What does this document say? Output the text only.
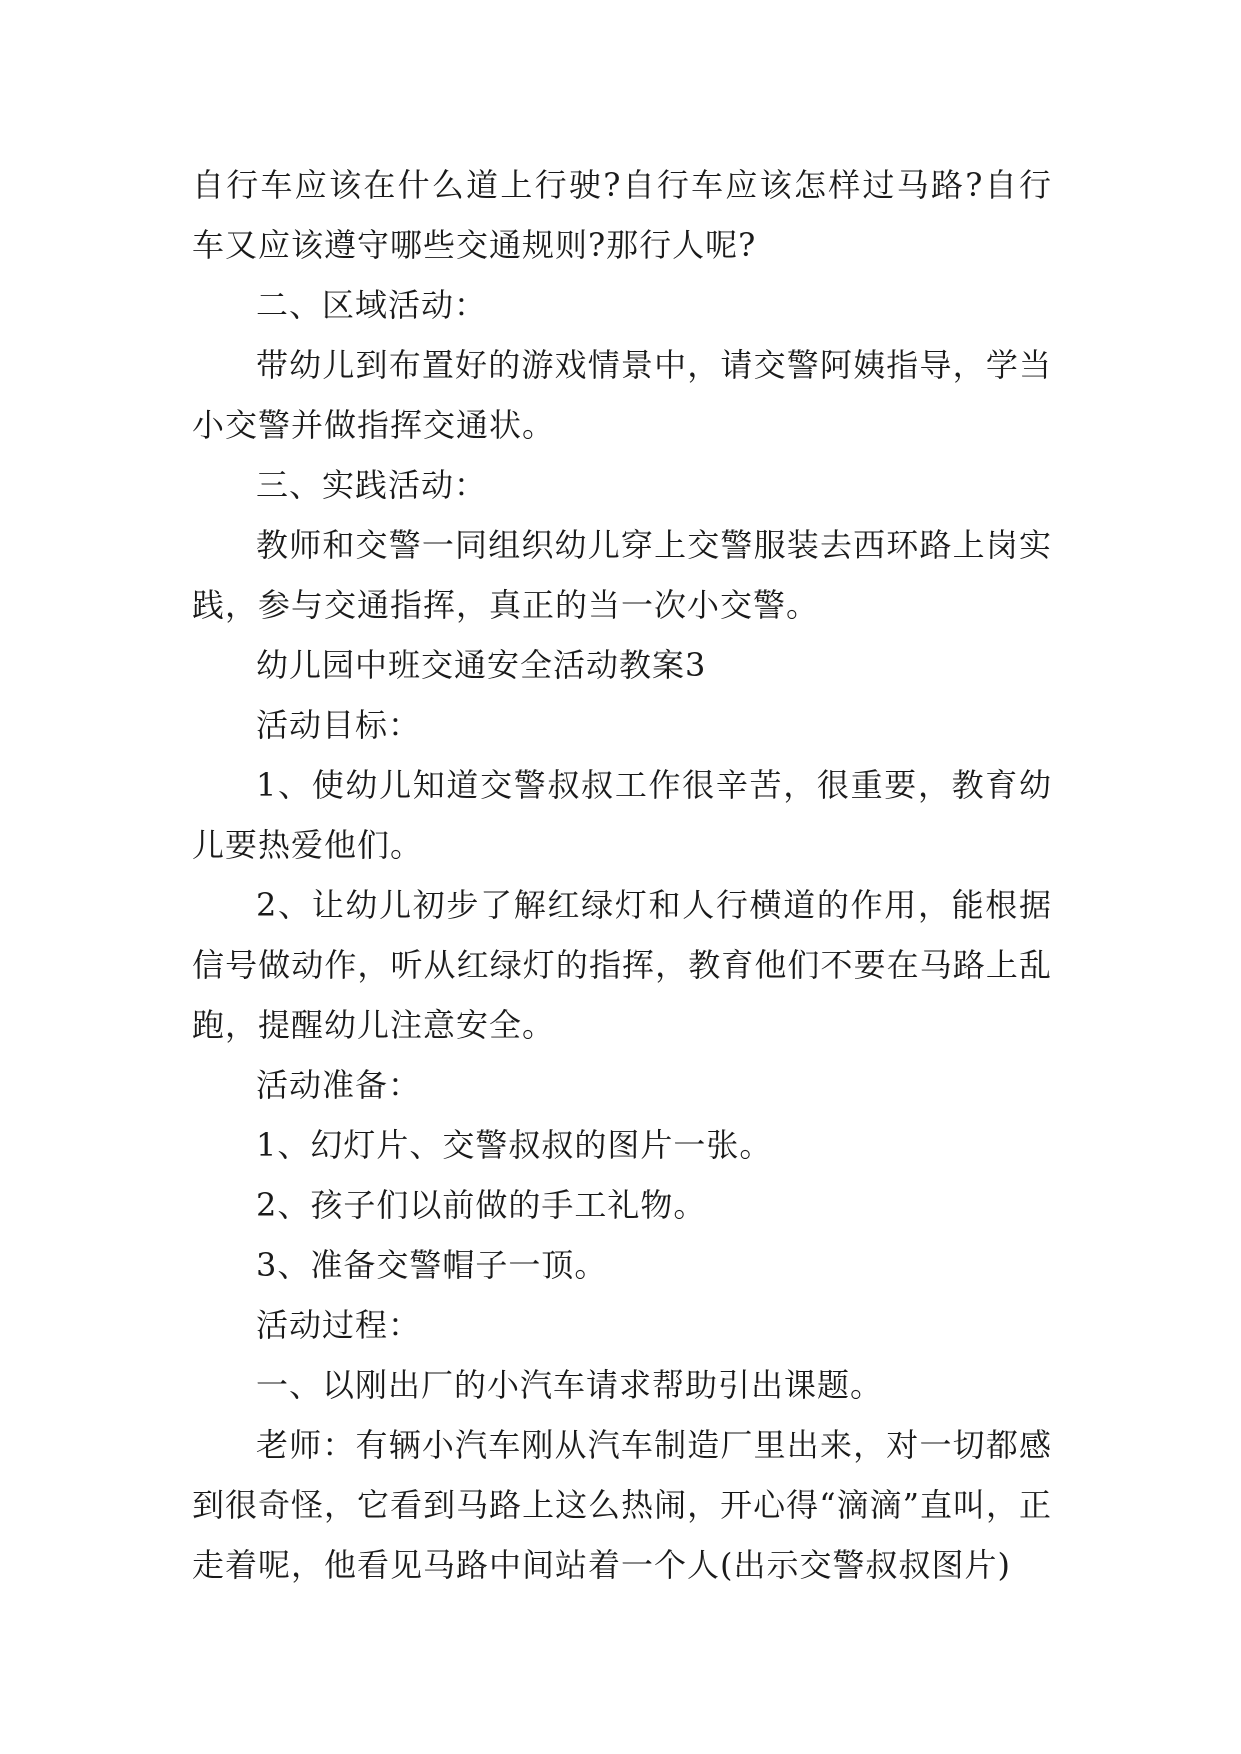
自行车应该在什么道上行驶?自行车应该怎样过马路?自行车又应该遵守哪些交通规则?那行人呢?

二、区域活动：

带幼儿到布置好的游戏情景中，请交警阿姨指导，学当小交警并做指挥交通状。

三、实践活动：

教师和交警一同组织幼儿穿上交警服装去西环路上岗实践，参与交通指挥，真正的当一次小交警。

幼儿园中班交通安全活动教案3

活动目标：

1、使幼儿知道交警叔叔工作很辛苦，很重要，教育幼儿要热爱他们。

2、让幼儿初步了解红绿灯和人行横道的作用，能根据信号做动作，听从红绿灯的指挥，教育他们不要在马路上乱跑，提醒幼儿注意安全。

活动准备：

1、幻灯片、交警叔叔的图片一张。

2、孩子们以前做的手工礼物。

3、准备交警帽子一顶。

活动过程：

一、以刚出厂的小汽车请求帮助引出课题。

老师：有辆小汽车刚从汽车制造厂里出来，对一切都感到很奇怪，它看到马路上这么热闹，开心得“滴滴”直叫，正走着呢，他看见马路中间站着一个人(出示交警叔叔图片)
